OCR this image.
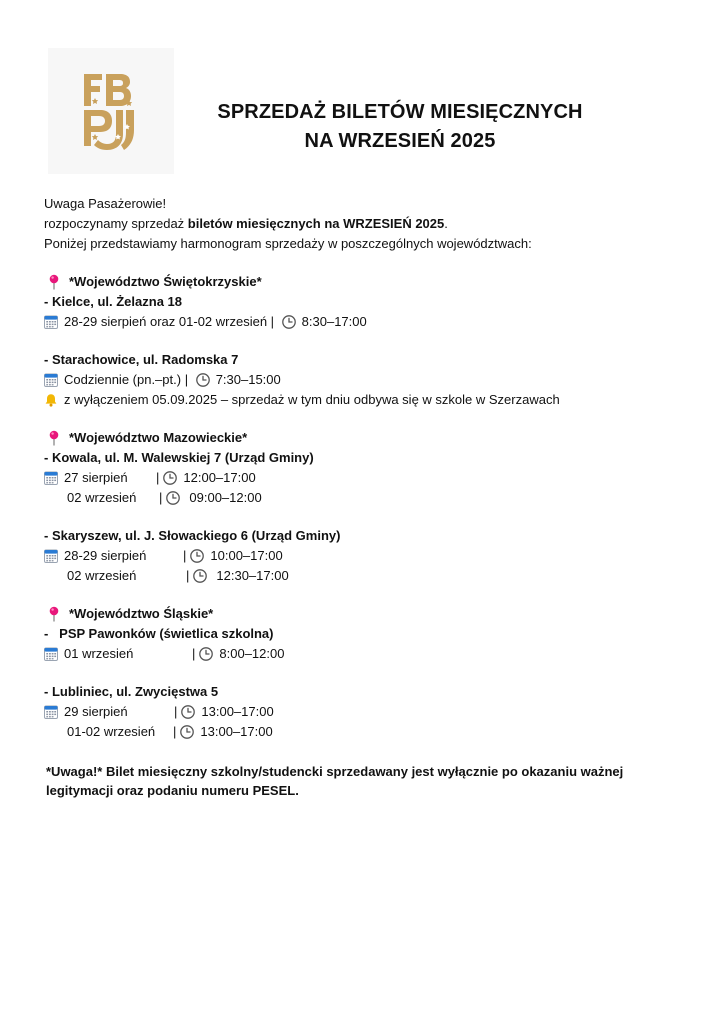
SPRZEDAŻ BILETÓW MIESIĘCZNYCH
NA WRZESIEŃ 2025
Uwaga Pasażerowie!
rozpoczynamy sprzedaż biletów miesięcznych na WRZESIEŃ 2025.
Poniżej przedstawiamy harmonogram sprzedaży w poszczególnych województwach:
*Województwo Świętokrzyskie*
- Kielce, ul. Żelazna 18
28-29 sierpień oraz 01-02 wrzesień | 8:30–17:00
- Starachowice, ul. Radomska 7
Codziennie (pn.–pt.) | 7:30–15:00
z wyłączeniem 05.09.2025 – sprzedaż w tym dniu odbywa się w szkole w Szerzawach
*Województwo Mazowieckie*
- Kowala, ul. M. Walewskiej 7 (Urząd Gminy)
27 sierpień | 12:00–17:00
02 wrzesień | 09:00–12:00
- Skaryszew, ul. J. Słowackiego 6 (Urząd Gminy)
28-29 sierpień	| 10:00–17:00
02 wrzesień	| 12:30–17:00
*Województwo Śląskie*
-   PSP Pawonków (świetlica szkolna)
01 wrzesień	| 8:00–12:00
- Lubliniec, ul. Zwycięstwa 5
29 sierpień	| 13:00–17:00
01-02 wrzesień | 13:00–17:00
*Uwaga!* Bilet miesięczny szkolny/studencki sprzedawany jest wyłącznie po okazaniu ważnej legitymacji oraz podaniu numeru PESEL.
